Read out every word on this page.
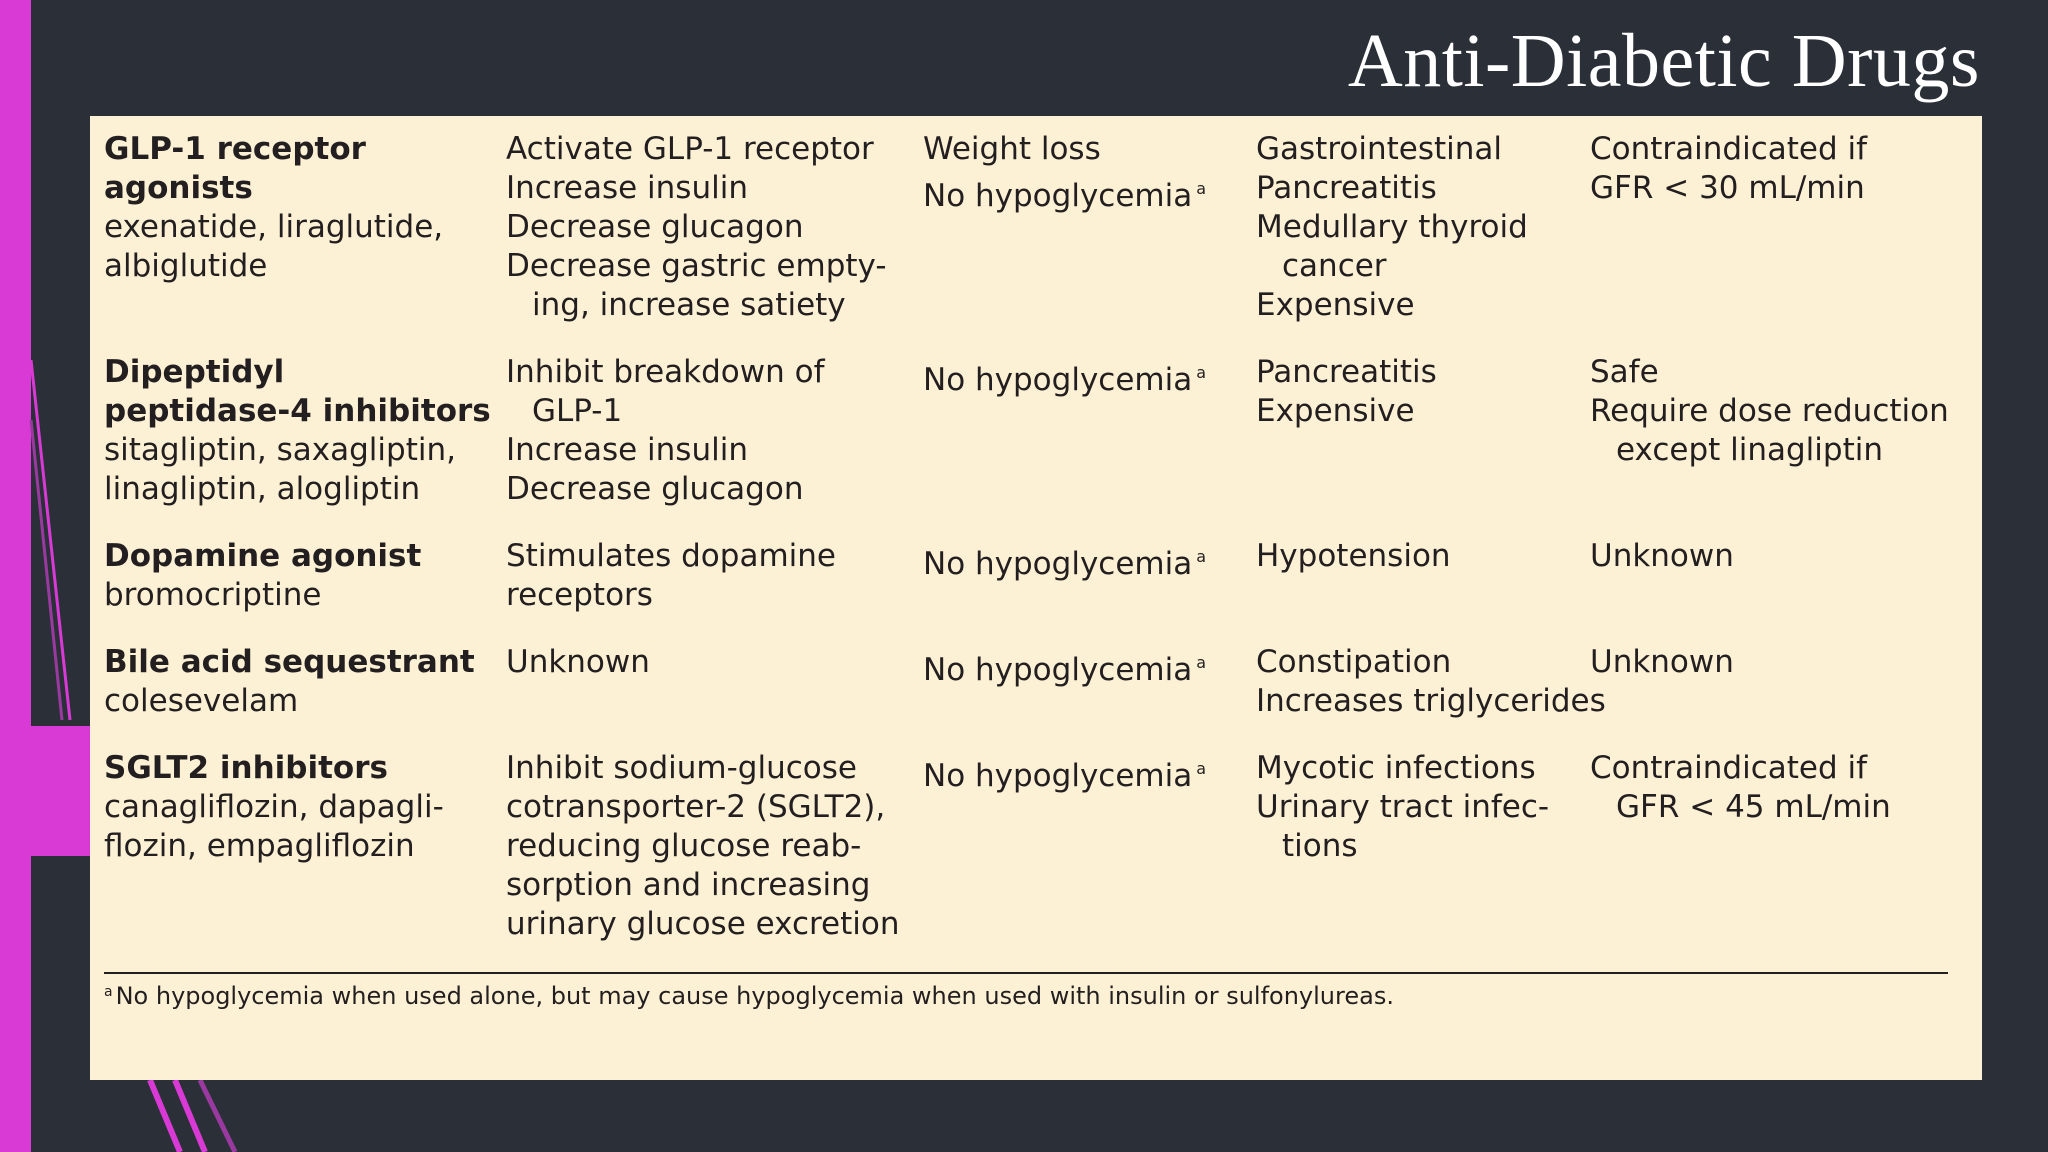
Anti-Diabetic Drugs
GLP-1 receptor
agonists
exenatide, liraglutide,
albiglutide	Activate GLP-1 receptor
Increase insulin
Decrease glucagon
Decrease gastric empty-
ing, increase satiety	Weight loss
No hypoglycemia $^a$	Gastrointestinal
Pancreatitis
Medullary thyroid
cancer
Expensive	Contraindicated if
GFR < 30 mL/min

Dipeptidyl
peptidase-4 inhibitors
sitagliptin, saxagliptin,
linagliptin, alogliptin	Inhibit breakdown of
GLP-1
Increase insulin
Decrease glucagon	No hypoglycemia $^a$	Pancreatitis
Expensive	Safe
Require dose reduction
except linagliptin

Dopamine agonist
bromocriptine	Stimulates dopamine
receptors	No hypoglycemia $^a$	Hypotension	Unknown

Bile acid sequestrant
colesevelam	Unknown	No hypoglycemia $^a$	Constipation
Increases triglycerides	Unknown

SGLT2 inhibitors
canagliflozin, dapagli-
flozin, empagliflozin	Inhibit sodium-glucose
cotransporter-2 (SGLT2),
reducing glucose reab-
sorption and increasing
urinary glucose excretion	No hypoglycemia $^a$	Mycotic infections
Urinary tract infec-
tions	Contraindicated if
GFR < 45 mL/min
$^a$ No hypoglycemia when used alone, but may cause hypoglycemia when used with insulin or sulfonylureas.
